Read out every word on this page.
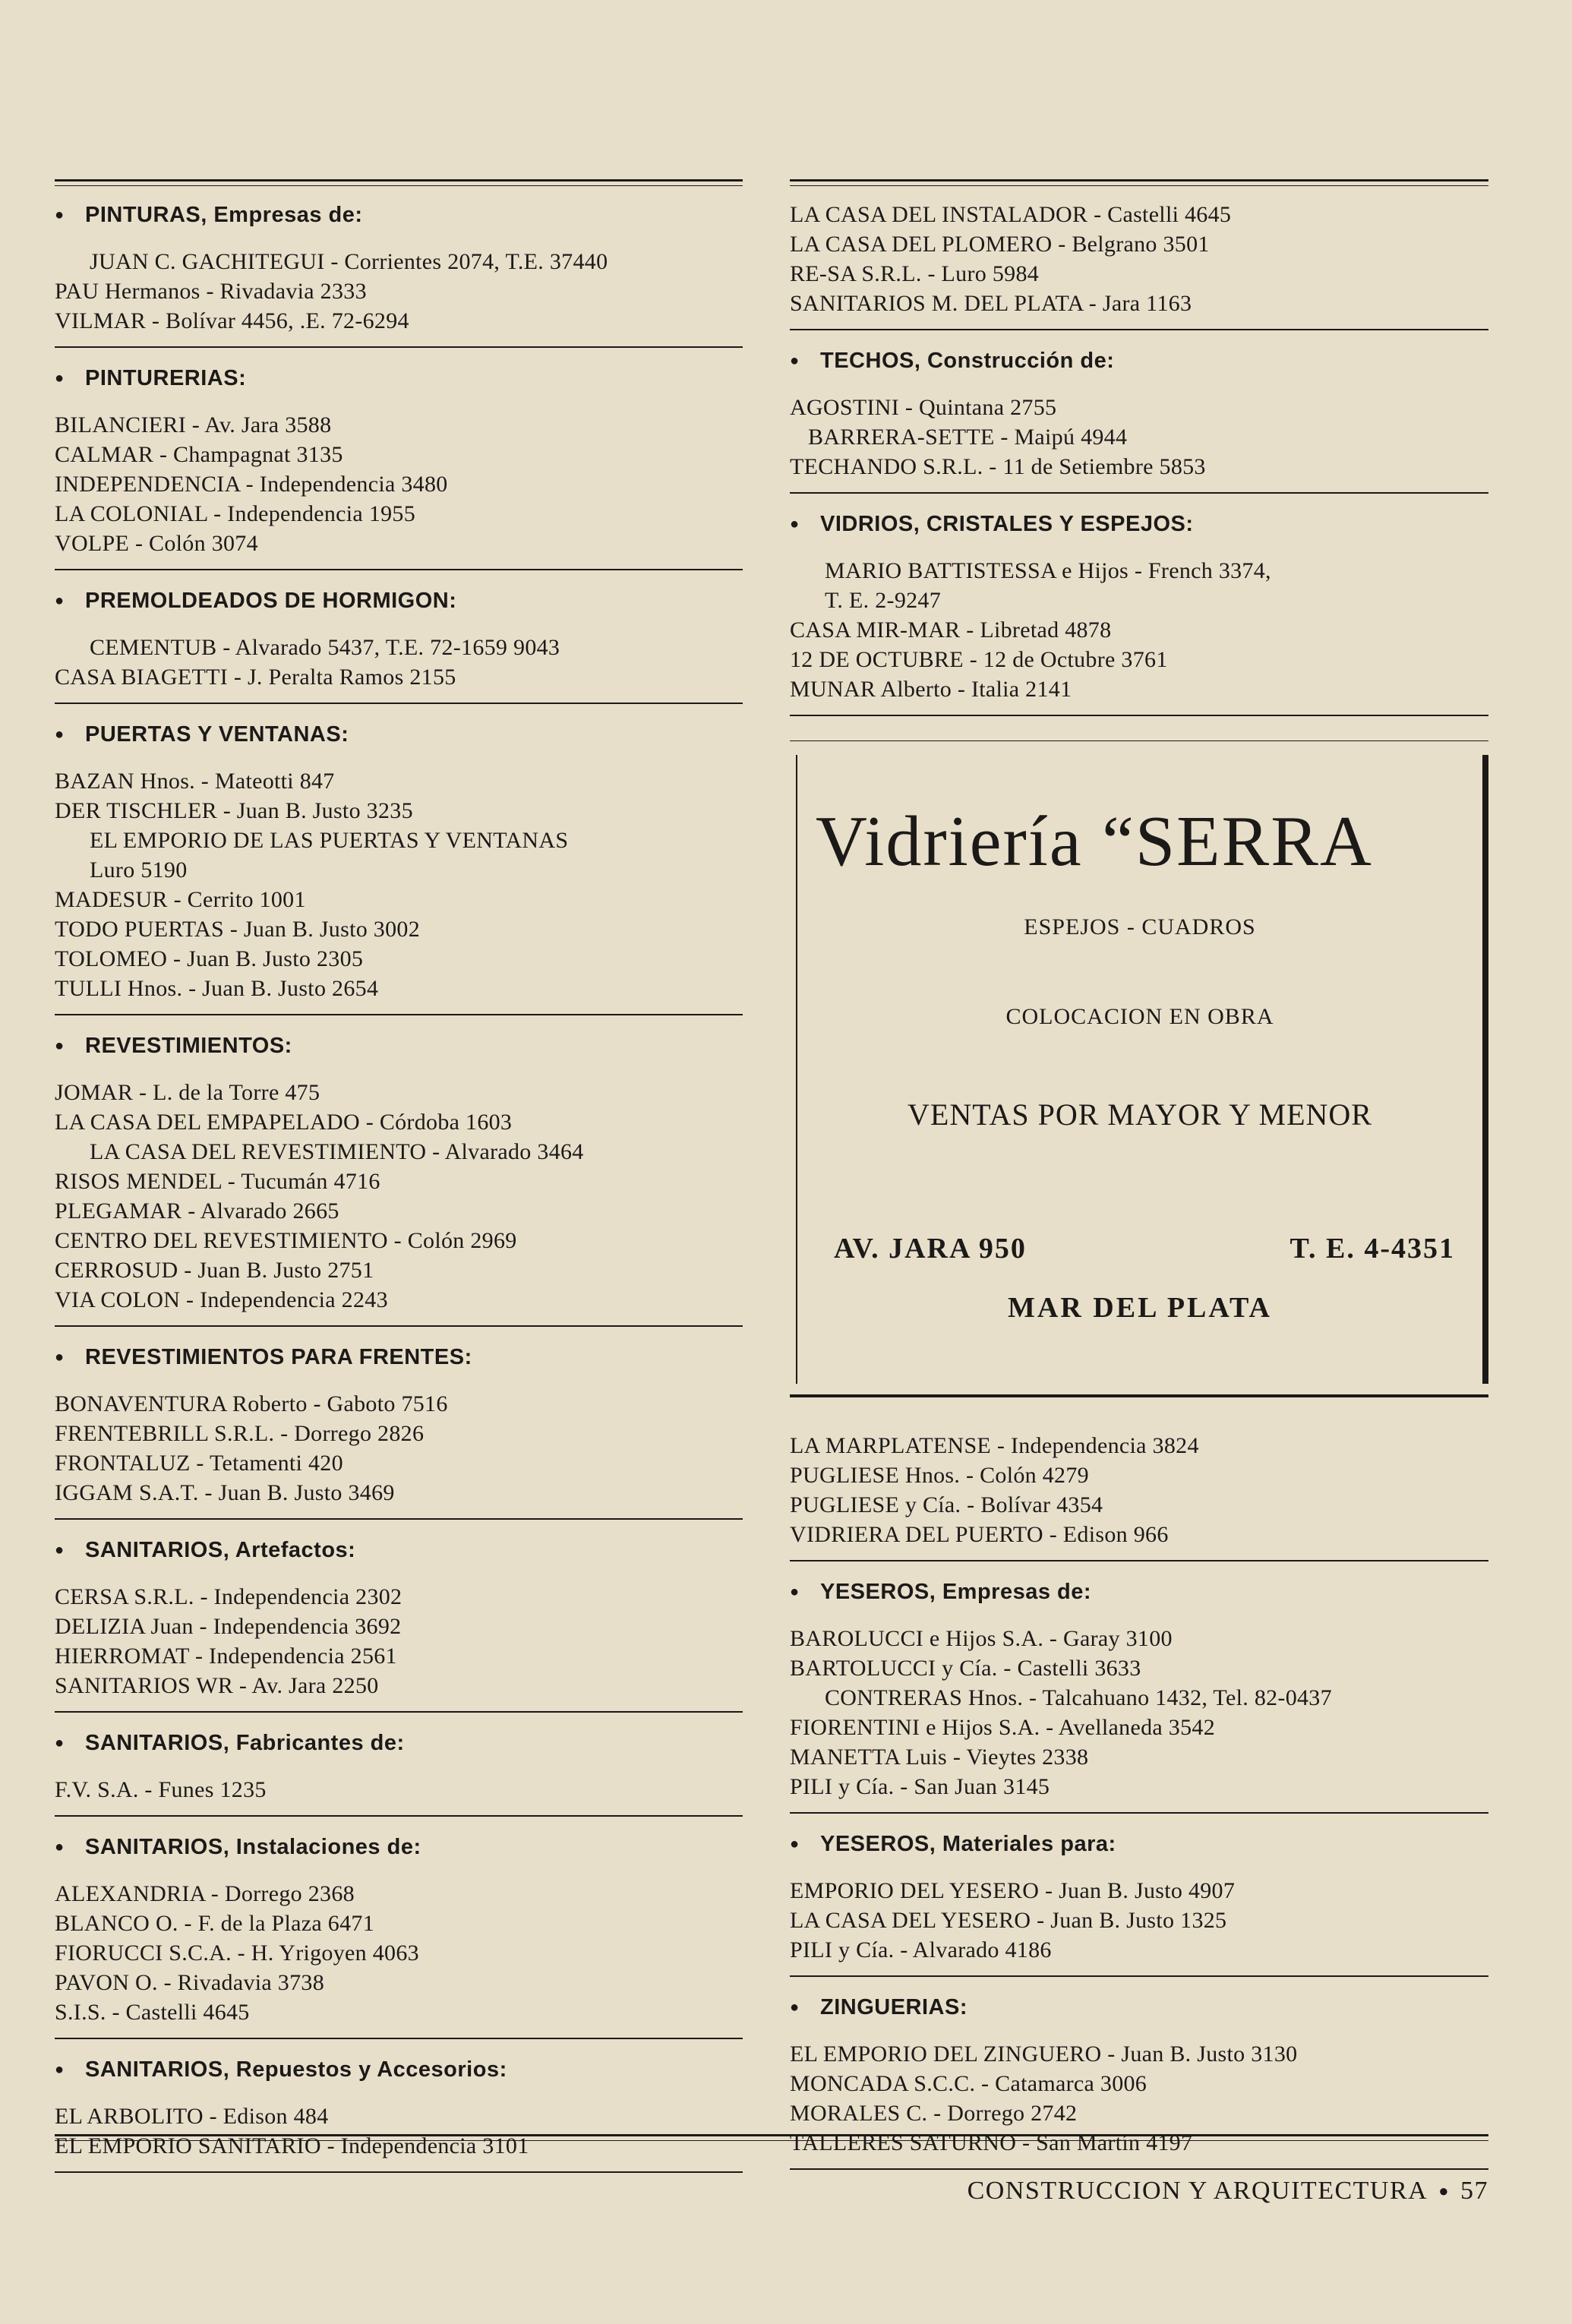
● PINTURAS, Empresas de:
JUAN C. GACHITEGUI - Corrientes 2074, T.E. 37440
PAU Hermanos - Rivadavia 2333
VILMAR - Bolívar 4456, .E. 72-6294
● PINTURERIAS:
BILANCIERI - Av. Jara 3588
CALMAR - Champagnat 3135
INDEPENDENCIA - Independencia 3480
LA COLONIAL - Independencia 1955
VOLPE - Colón 3074
● PREMOLDEADOS DE HORMIGON:
CEMENTUB - Alvarado 5437, T.E. 72-1659 9043
CASA BIAGETTI - J. Peralta Ramos 2155
● PUERTAS Y VENTANAS:
BAZAN Hnos. - Mateotti 847
DER TISCHLER - Juan B. Justo 3235
EL EMPORIO DE LAS PUERTAS Y VENTANAS
Luro 5190
MADESUR - Cerrito 1001
TODO PUERTAS - Juan B. Justo 3002
TOLOMEO - Juan B. Justo 2305
TULLI Hnos. - Juan B. Justo 2654
● REVESTIMIENTOS:
JOMAR - L. de la Torre 475
LA CASA DEL EMPAPELADO - Córdoba 1603
LA CASA DEL REVESTIMIENTO - Alvarado 3464
RISOS MENDEL - Tucumán 4716
PLEGAMAR - Alvarado 2665
CENTRO DEL REVESTIMIENTO - Colón 2969
CERROSUD - Juan B. Justo 2751
VIA COLON - Independencia 2243
● REVESTIMIENTOS PARA FRENTES:
BONAVENTURA Roberto - Gaboto 7516
FRENTEBRILL S.R.L. - Dorrego 2826
FRONTALUZ - Tetamenti 420
IGGAM S.A.T. - Juan B. Justo 3469
● SANITARIOS, Artefactos:
CERSA S.R.L. - Independencia 2302
DELIZIA Juan - Independencia 3692
HIERROMAT - Independencia 2561
SANITARIOS WR - Av. Jara 2250
● SANITARIOS, Fabricantes de:
F.V. S.A. - Funes 1235
● SANITARIOS, Instalaciones de:
ALEXANDRIA - Dorrego 2368
BLANCO O. - F. de la Plaza 6471
FIORUCCI S.C.A. - H. Yrigoyen 4063
PAVON O. - Rivadavia 3738
S.I.S. - Castelli 4645
● SANITARIOS, Repuestos y Accesorios:
EL ARBOLITO - Edison 484
EL EMPORIO SANITARIO - Independencia 3101
LA CASA DEL INSTALADOR - Castelli 4645
LA CASA DEL PLOMERO - Belgrano 3501
RE-SA S.R.L. - Luro 5984
SANITARIOS M. DEL PLATA - Jara 1163
● TECHOS, Construcción de:
AGOSTINI - Quintana 2755
BARRERA-SETTE - Maipú 4944
TECHANDO S.R.L. - 11 de Setiembre 5853
● VIDRIOS, CRISTALES Y ESPEJOS:
MARIO BATTISTESSA e Hijos - French 3374,
T. E. 2-9247
CASA MIR-MAR - Libretad 4878
12 DE OCTUBRE - 12 de Octubre 3761
MUNAR Alberto - Italia 2141
Vidriería “SERRA
ESPEJOS - CUADROS
COLOCACION EN OBRA
VENTAS POR MAYOR Y MENOR
AV. JARA 950	T. E. 4-4351
MAR DEL PLATA
LA MARPLATENSE - Independencia 3824
PUGLIESE Hnos. - Colón 4279
PUGLIESE y Cía. - Bolívar 4354
VIDRIERA DEL PUERTO - Edison 966
● YESEROS, Empresas de:
BAROLUCCI e Hijos S.A. - Garay 3100
BARTOLUCCI y Cía. - Castelli 3633
CONTRERAS Hnos. - Talcahuano 1432, Tel. 82-0437
FIORENTINI e Hijos S.A. - Avellaneda 3542
MANETTA Luis - Vieytes 2338
PILI y Cía. - San Juan 3145
● YESEROS, Materiales para:
EMPORIO DEL YESERO - Juan B. Justo 4907
LA CASA DEL YESERO - Juan B. Justo 1325
PILI y Cía. - Alvarado 4186
● ZINGUERIAS:
EL EMPORIO DEL ZINGUERO - Juan B. Justo 3130
MONCADA S.C.C. - Catamarca 3006
MORALES C. - Dorrego 2742
TALLERES SATURNO - San Martín 4197
CONSTRUCCION Y ARQUITECTURA ● 57
